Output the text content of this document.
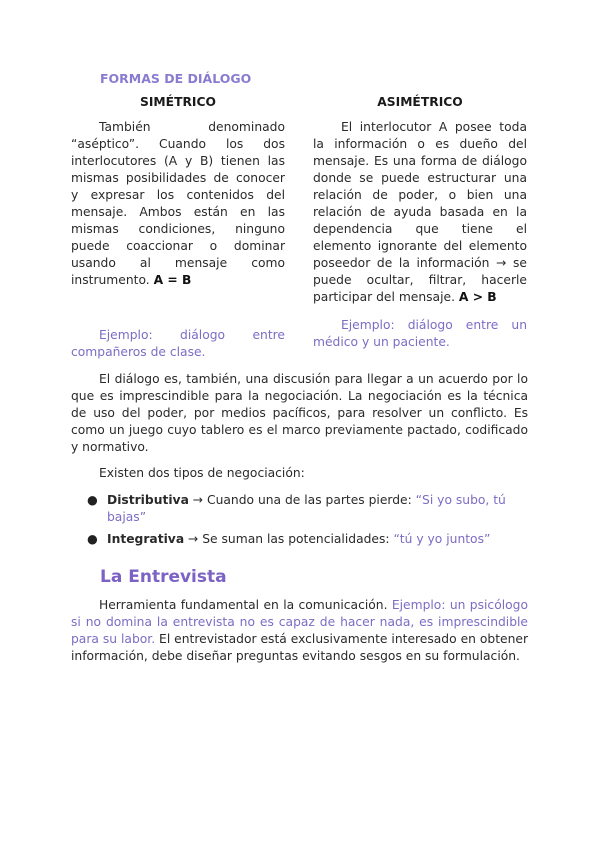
FORMAS DE DIÁLOGO
SIMÉTRICO

También denominado “aséptico”. Cuando los dos interlocutores (A y B) tienen las mismas posibilidades de conocer y expresar los contenidos del mensaje. Ambos están en las mismas condiciones, ninguno puede coaccionar o dominar usando al mensaje como instrumento. A = B

ASIMÉTRICO

El interlocutor A posee toda la información o es dueño del mensaje. Es una forma de diálogo donde se puede estructurar una relación de poder, o bien una relación de ayuda basada en la dependencia que tiene el elemento ignorante del elemento poseedor de la información → se puede ocultar, filtrar, hacerle participar del mensaje. A > B

Ejemplo: diálogo entre compañeros de clase.

Ejemplo: diálogo entre un médico y un paciente.

El diálogo es, también, una discusión para llegar a un acuerdo por lo que es imprescindible para la negociación. La negociación es la técnica de uso del poder, por medios pacíficos, para resolver un conflicto. Es como un juego cuyo tablero es el marco previamente pactado, codificado y normativo.

Existen dos tipos de negociación:

● Distributiva → Cuando una de las partes pierde: “Si yo subo, tú bajas”
● Integrativa → Se suman las potencialidades: “tú y yo juntos”
La Entrevista

Herramienta fundamental en la comunicación. Ejemplo: un psicólogo si no domina la entrevista no es capaz de hacer nada, es imprescindible para su labor. El entrevistador está exclusivamente interesado en obtener información, debe diseñar preguntas evitando sesgos en su formulación.
